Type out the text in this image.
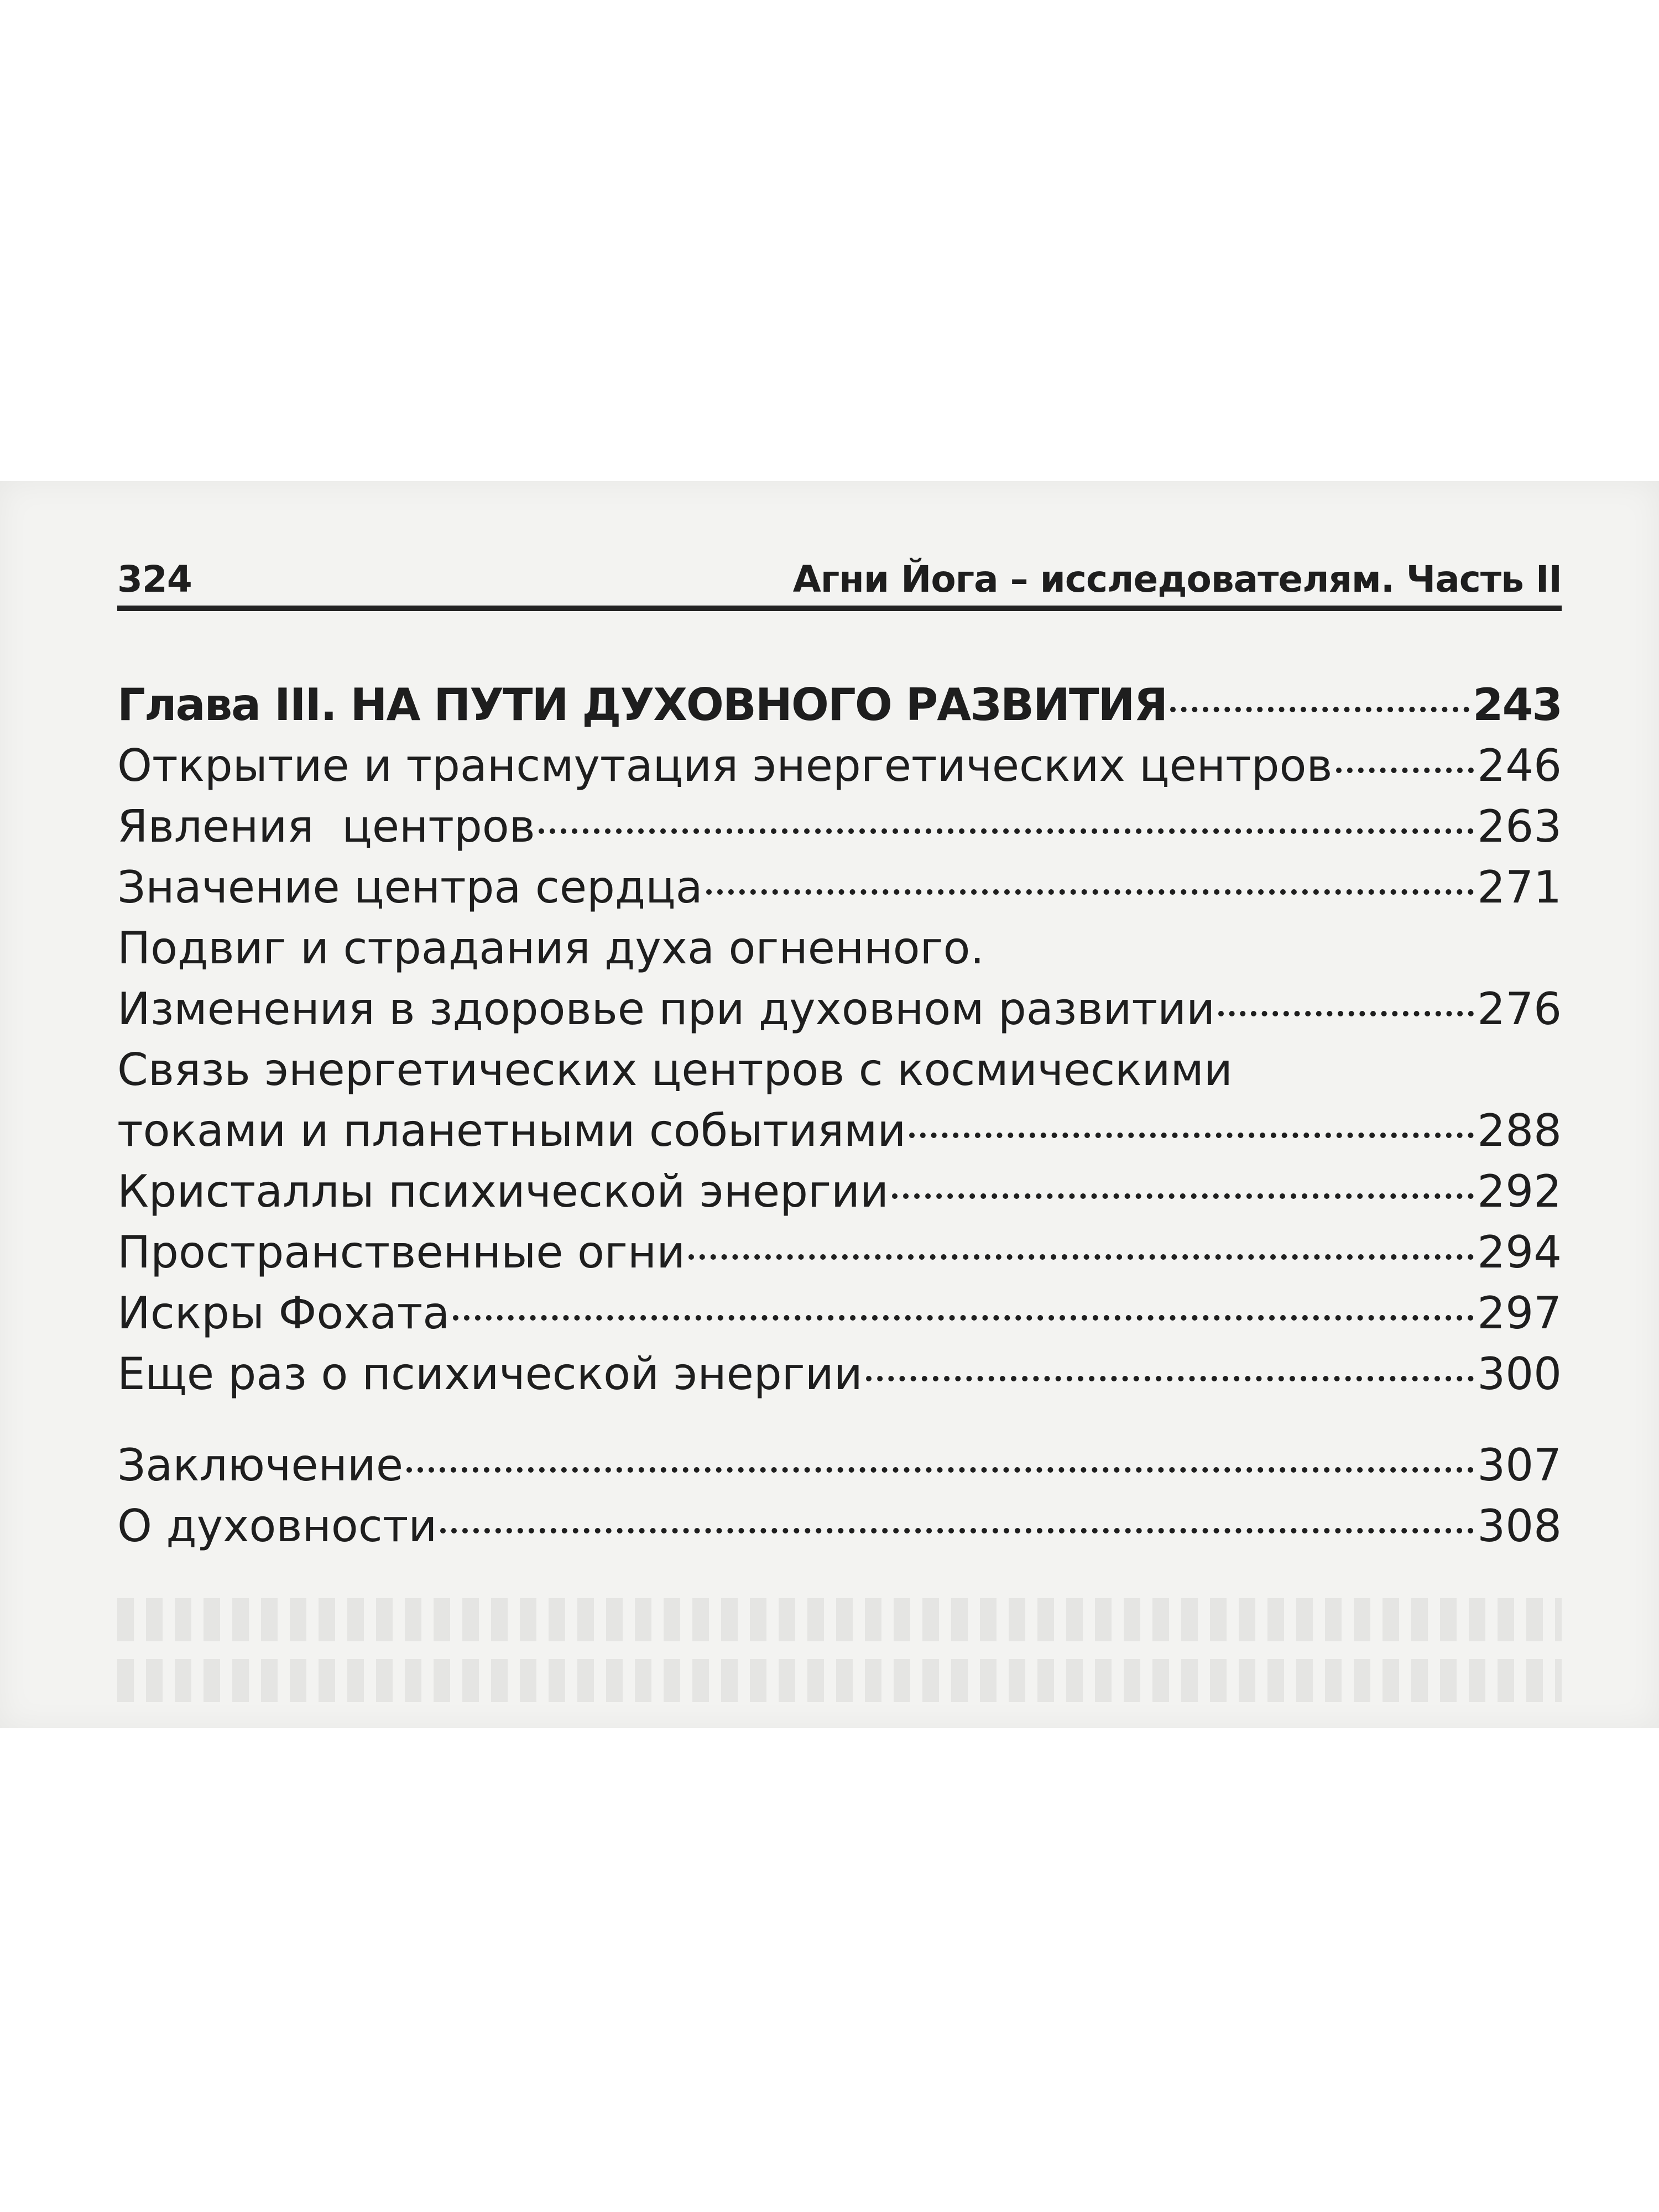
324	Агни Йога – исследователям. Часть II
Глава III. НА ПУТИ ДУХОВНОГО РАЗВИТИЯ	243
Открытие и трансмутация энергетических центров	246
Явления  центров	263
Значение центра сердца	271
Подвиг и страдания духа огненного.
Изменения в здоровье при духовном развитии	276
Связь энергетических центров с космическими
токами и планетными событиями	288
Кристаллы психической энергии	292
Пространственные огни	294
Искры Фохата	297
Еще раз о психической энергии	300
Заключение	307
О духовности	308
